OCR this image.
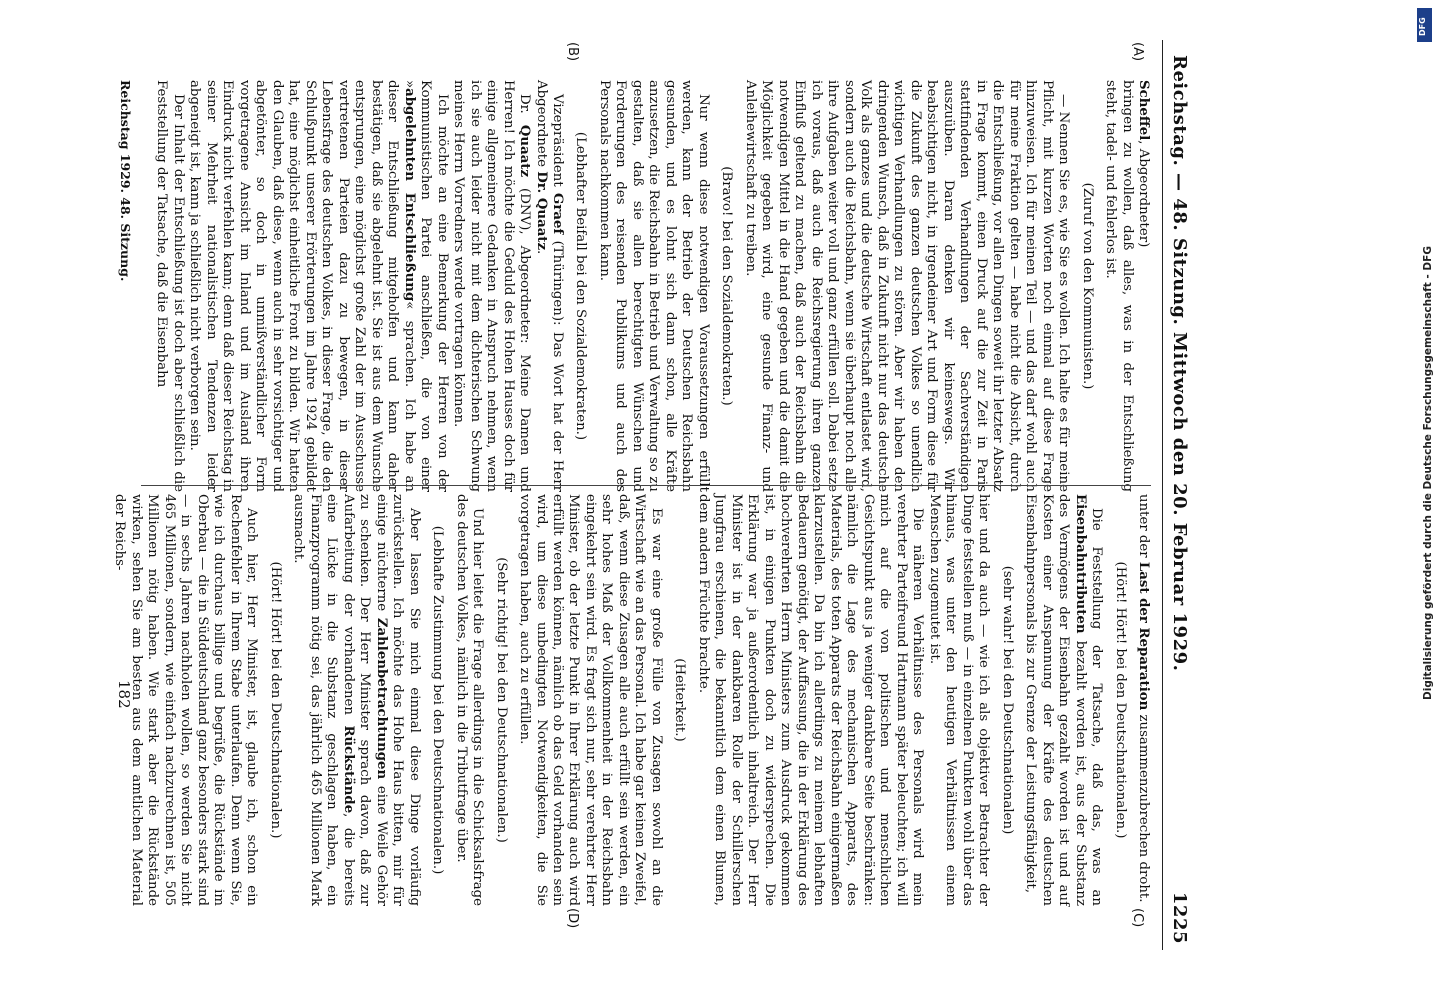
Reichstag. — 48. Sitzung. Mittwoch den 20. Februar 1929.
1225
(A)
(B)
(C)
(D)

Scheffel, Abgeordneter)

bringen zu wollen, daß alles, was in der Entschließung steht, tadel- und fehlerlos ist.

(Zuruf von den Kommunisten.)

— Nennen Sie es, wie Sie es wollen. Ich halte es für meine Pflicht, mit kurzen Worten noch einmal auf diese Frage hinzuweisen. Ich für meinen Teil — und das darf wohl auch für meine Fraktion gelten — habe nicht die Absicht, durch die Entschließung, vor allen Dingen soweit ihr letzter Absatz in Frage kommt, einen Druck auf die zur Zeit in Paris stattfindenden Verhandlungen der Sachverständigen auszuüben. Daran denken wir keineswegs. Wir beabsichtigen nicht, in irgendeiner Art und Form diese für die Zukunft des ganzen deutschen Volkes so unendlich wichtigen Verhandlungen zu stören. Aber wir haben den dringenden Wunsch, daß in Zukunft nicht nur das deutsche Volk als ganzes und die deutsche Wirtschaft entlastet wird, sondern auch die Reichsbahn, wenn sie überhaupt noch alle ihre Aufgaben weiter voll und ganz erfüllen soll. Dabei setze ich voraus, daß auch die Reichsregierung ihren ganzen Einfluß geltend zu machen, daß auch der Reichsbahn die notwendigen Mittel in die Hand gegeben und die damit die Möglichkeit gegeben wird, eine gesunde Finanz- und Anleihewirtschaft zu treiben.

(Bravo! bei den Sozialdemokraten.)

Nur wenn diese notwendigen Voraussetzungen erfüllt werden, kann der Betrieb der Deutschen Reichsbahn gesunden, und es lohnt sich dann schon, alle Kräfte anzusetzen, die Reichsbahn in Betrieb und Verwaltung so zu gestalten, daß sie allen berechtigten Wünschen und Forderungen des reisenden Publikums und auch des Personals nachkommen kann.

(Lebhafter Beifall bei den Sozialdemokraten.)

Vizepräsident Graef (Thüringen): Das Wort hat der Herr Abgeordnete Dr. Quaatz.

Dr. Quaatz (DNV), Abgeordneter: Meine Damen und Herren! Ich möchte die Geduld des Hohen Hauses doch für einige allgemeinere Gedanken in Anspruch nehmen, wenn ich sie auch leider nicht mit dem dichterischen Schwung meines Herrn Vorredners werde vortragen können.

Ich möchte an eine Bemerkung der Herren von der Kommunistischen Partei anschließen, die von einer »abgelehnten Entschließung« sprachen. Ich habe an dieser Entschließung mitgeholfen und kann daher bestätigen, daß sie abgelehnt ist. Sie ist aus dem Wunsche entsprungen, eine möglichst große Zahl der im Ausschusse vertretenen Parteien dazu zu bewegen, in dieser Lebensfrage des deutschen Volkes, in dieser Frage, die den Schlußpunkt unserer Erörterungen im Jahre 1924 gebildet hat, eine möglichst einheitliche Front zu bilden. Wir hatten den Glauben, daß diese, wenn auch in sehr vorsichtiger und abgetönter, so doch in unmißverständlicher Form vorgetragene Ansicht im Inland und im Ausland ihren Eindruck nicht verfehlen kann; denn daß dieser Reichstag in seiner Mehrheit nationalistischen Tendenzen leider abgeneigt ist, kann ja schließlich nicht verborgen sein.

Der Inhalt der Entschließung ist doch aber schließlich die Feststellung der Tatsache, daß die Eisenbahn

unter der Last der Reparation zusammenzubrechen droht.

(Hört! Hört! bei den Deutschnationalen.)

Die Feststellung der Tatsache, daß das, was an Eisenbahntributen bezahlt worden ist, aus der Substanz des Vermögens der Eisenbahn gezahlt worden ist und auf Kosten einer Anspannung der Kräfte des deutschen Eisenbahnpersonals bis zur Grenze der Leistungsfähigkeit,

(sehr wahr! bei den Deutschnationalen)

hier und da auch — wie ich als objektiver Betrachter der Dinge feststellen muß — in einzelnen Punkten wohl über das hinaus, was unter den heutigen Verhältnissen einem Menschen zugemutet ist.

Die näheren Verhältnisse des Personals wird mein verehrter Parteifreund Hartmann später beleuchten; ich will mich auf die von politischen und menschlichen Gesichtspunkt aus ja weniger dankbare Seite beschränken: nämlich die Lage des mechanischen Apparats, des Materials, des toten Apparats der Reichsbahn einigermaßen klarzustellen. Da bin ich allerdings zu meinem lebhaften Bedauern genötigt, der Auffassung, die in der Erklärung des hochverehrten Herrn Ministers zum Ausdruck gekommen ist, in einigen Punkten doch zu widersprechen. Die Erklärung war ja außerordentlich inhaltreich. Der Herr Minister ist in der dankbaren Rolle der Schillerschen Jungfrau erschienen, die bekanntlich dem einen Blumen, dem andern Früchte brachte.

(Heiterkeit.)

Es war eine große Fülle von Zusagen sowohl an die Wirtschaft wie an das Personal. Ich habe gar keinen Zweifel, daß, wenn diese Zusagen alle auch erfüllt sein werden, ein sehr hohes Maß der Vollkommenheit in der Reichsbahn eingekehrt sein wird. Es fragt sich nur, sehr verehrter Herr Minister, ob der letzte Punkt in Ihrer Erklärung auch wird erfüllt werden können, nämlich ob das Geld vorhanden sein wird, um diese unbedingten Notwendigkeiten, die Sie vorgetragen haben, auch zu erfüllen.

(Sehr richtig! bei den Deutschnationalen.)

Und hier leitet die Frage allerdings in die Schicksalsfrage des deutschen Volkes, nämlich in die Tributfrage über.

(Lebhafte Zustimmung bei den Deutschnationalen.)

Aber lassen Sie mich einmal diese Dinge vorläufig zurückstellen. Ich möchte das Hohe Haus bitten, mir für einige nüchterne Zahlenbetrachtungen eine Weile Gehör zu schenken. Der Herr Minister sprach davon, daß zur Aufarbeitung der vorhandenen Rückstände, die bereits eine Lücke in die Substanz geschlagen haben, ein Finanzprogramm nötig sei, das jährlich 465 Millionen Mark ausmacht.

(Hört! Hört! bei den Deutschnationalen.)

Auch hier, Herr Minister, ist, glaube ich, schon ein Rechenfehler in Ihrem Stabe unterlaufen. Denn wenn Sie, wie ich durchaus billige und begrüße, die Rückstände im Oberbau — die in Süddeutschland ganz besonders stark sind — in sechs Jahren nachholen wollen, so werden Sie nicht 465 Millionen, sondern, wie einfach nachzurechnen ist, 505 Millionen nötig haben. Wie stark aber die Rückstände wirken, sehen Sie am besten aus dem amtlichen Material der Reichs-

Reichstag 1929. 48. Sitzung.
182
DFG
Digitalisierung gefördert durch die Deutsche Forschungsgemeinschaft - DFG
